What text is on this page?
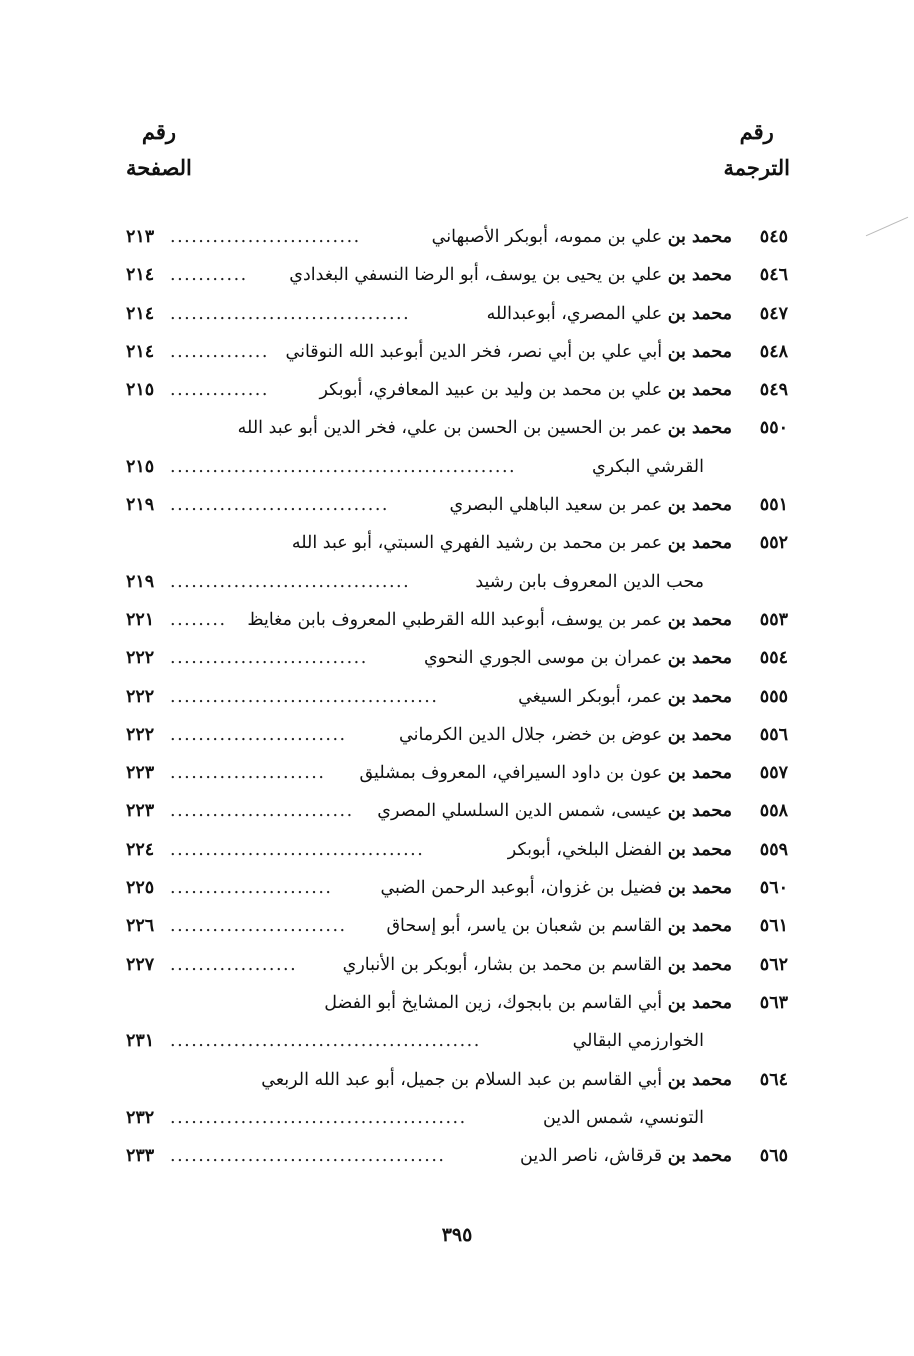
رقم
الترجمة
رقم
الصفحة
٥٤٥
محمد بن علي بن مموىه، أبوبكر الأصبهاني
...........................
٢١٣
٥٤٦
محمد بن علي بن يحيى بن يوسف، أبو الرضا النسفي البغدادي
...........
٢١٤
٥٤٧
محمد بن علي المصري، أبوعبدالله
..................................
٢١٤
٥٤٨
محمد بن أبي علي بن أبي نصر، فخر الدين أبوعبد الله النوقاني
..............
٢١٤
٥٤٩
محمد بن علي بن محمد بن وليد بن عبيد المعافري، أبوبكر
..............
٢١٥
٥٥٠
محمد بن عمر بن الحسين بن الحسن بن علي، فخر الدين أبو عبد الله
القرشي البكري
.................................................
٢١٥
٥٥١
محمد بن عمر بن سعيد الباهلي البصري
...............................
٢١٩
٥٥٢
محمد بن عمر بن محمد بن رشيد الفهري السبتي، أبو عبد الله
محب الدين المعروف بابن رشيد
..................................
٢١٩
٥٥٣
محمد بن عمر بن يوسف، أبوعبد الله القرطبي المعروف بابن مغايظ
........
٢٢١
٥٥٤
محمد بن عمران بن موسى الجوري النحوي
............................
٢٢٢
٥٥٥
محمد بن عمر، أبوبكر السيغي
......................................
٢٢٢
٥٥٦
محمد بن عوض بن خضر، جلال الدين الكرماني
.........................
٢٢٢
٥٥٧
محمد بن عون بن داود السيرافي، المعروف بمشليق
......................
٢٢٣
٥٥٨
محمد بن عيسى، شمس الدين السلسلي المصري
..........................
٢٢٣
٥٥٩
محمد بن الفضل البلخي، أبوبكر
....................................
٢٢٤
٥٦٠
محمد بن فضيل بن غزوان، أبوعبد الرحمن الضبي
.......................
٢٢٥
٥٦١
محمد بن القاسم بن شعبان بن ياسر، أبو إسحاق
.........................
٢٢٦
٥٦٢
محمد بن القاسم بن محمد بن بشار، أبوبكر بن الأنباري
..................
٢٢٧
٥٦٣
محمد بن أبي القاسم بن بابجوك، زين المشايخ أبو الفضل
الخوارزمي البقالي
............................................
٢٣١
٥٦٤
محمد بن أبي القاسم بن عبد السلام بن جميل، أبو عبد الله الربعي
التونسي، شمس الدين
..........................................
٢٣٢
٥٦٥
محمد بن قرقاش، ناصر الدين
.......................................
٢٣٣
٣٩٥
